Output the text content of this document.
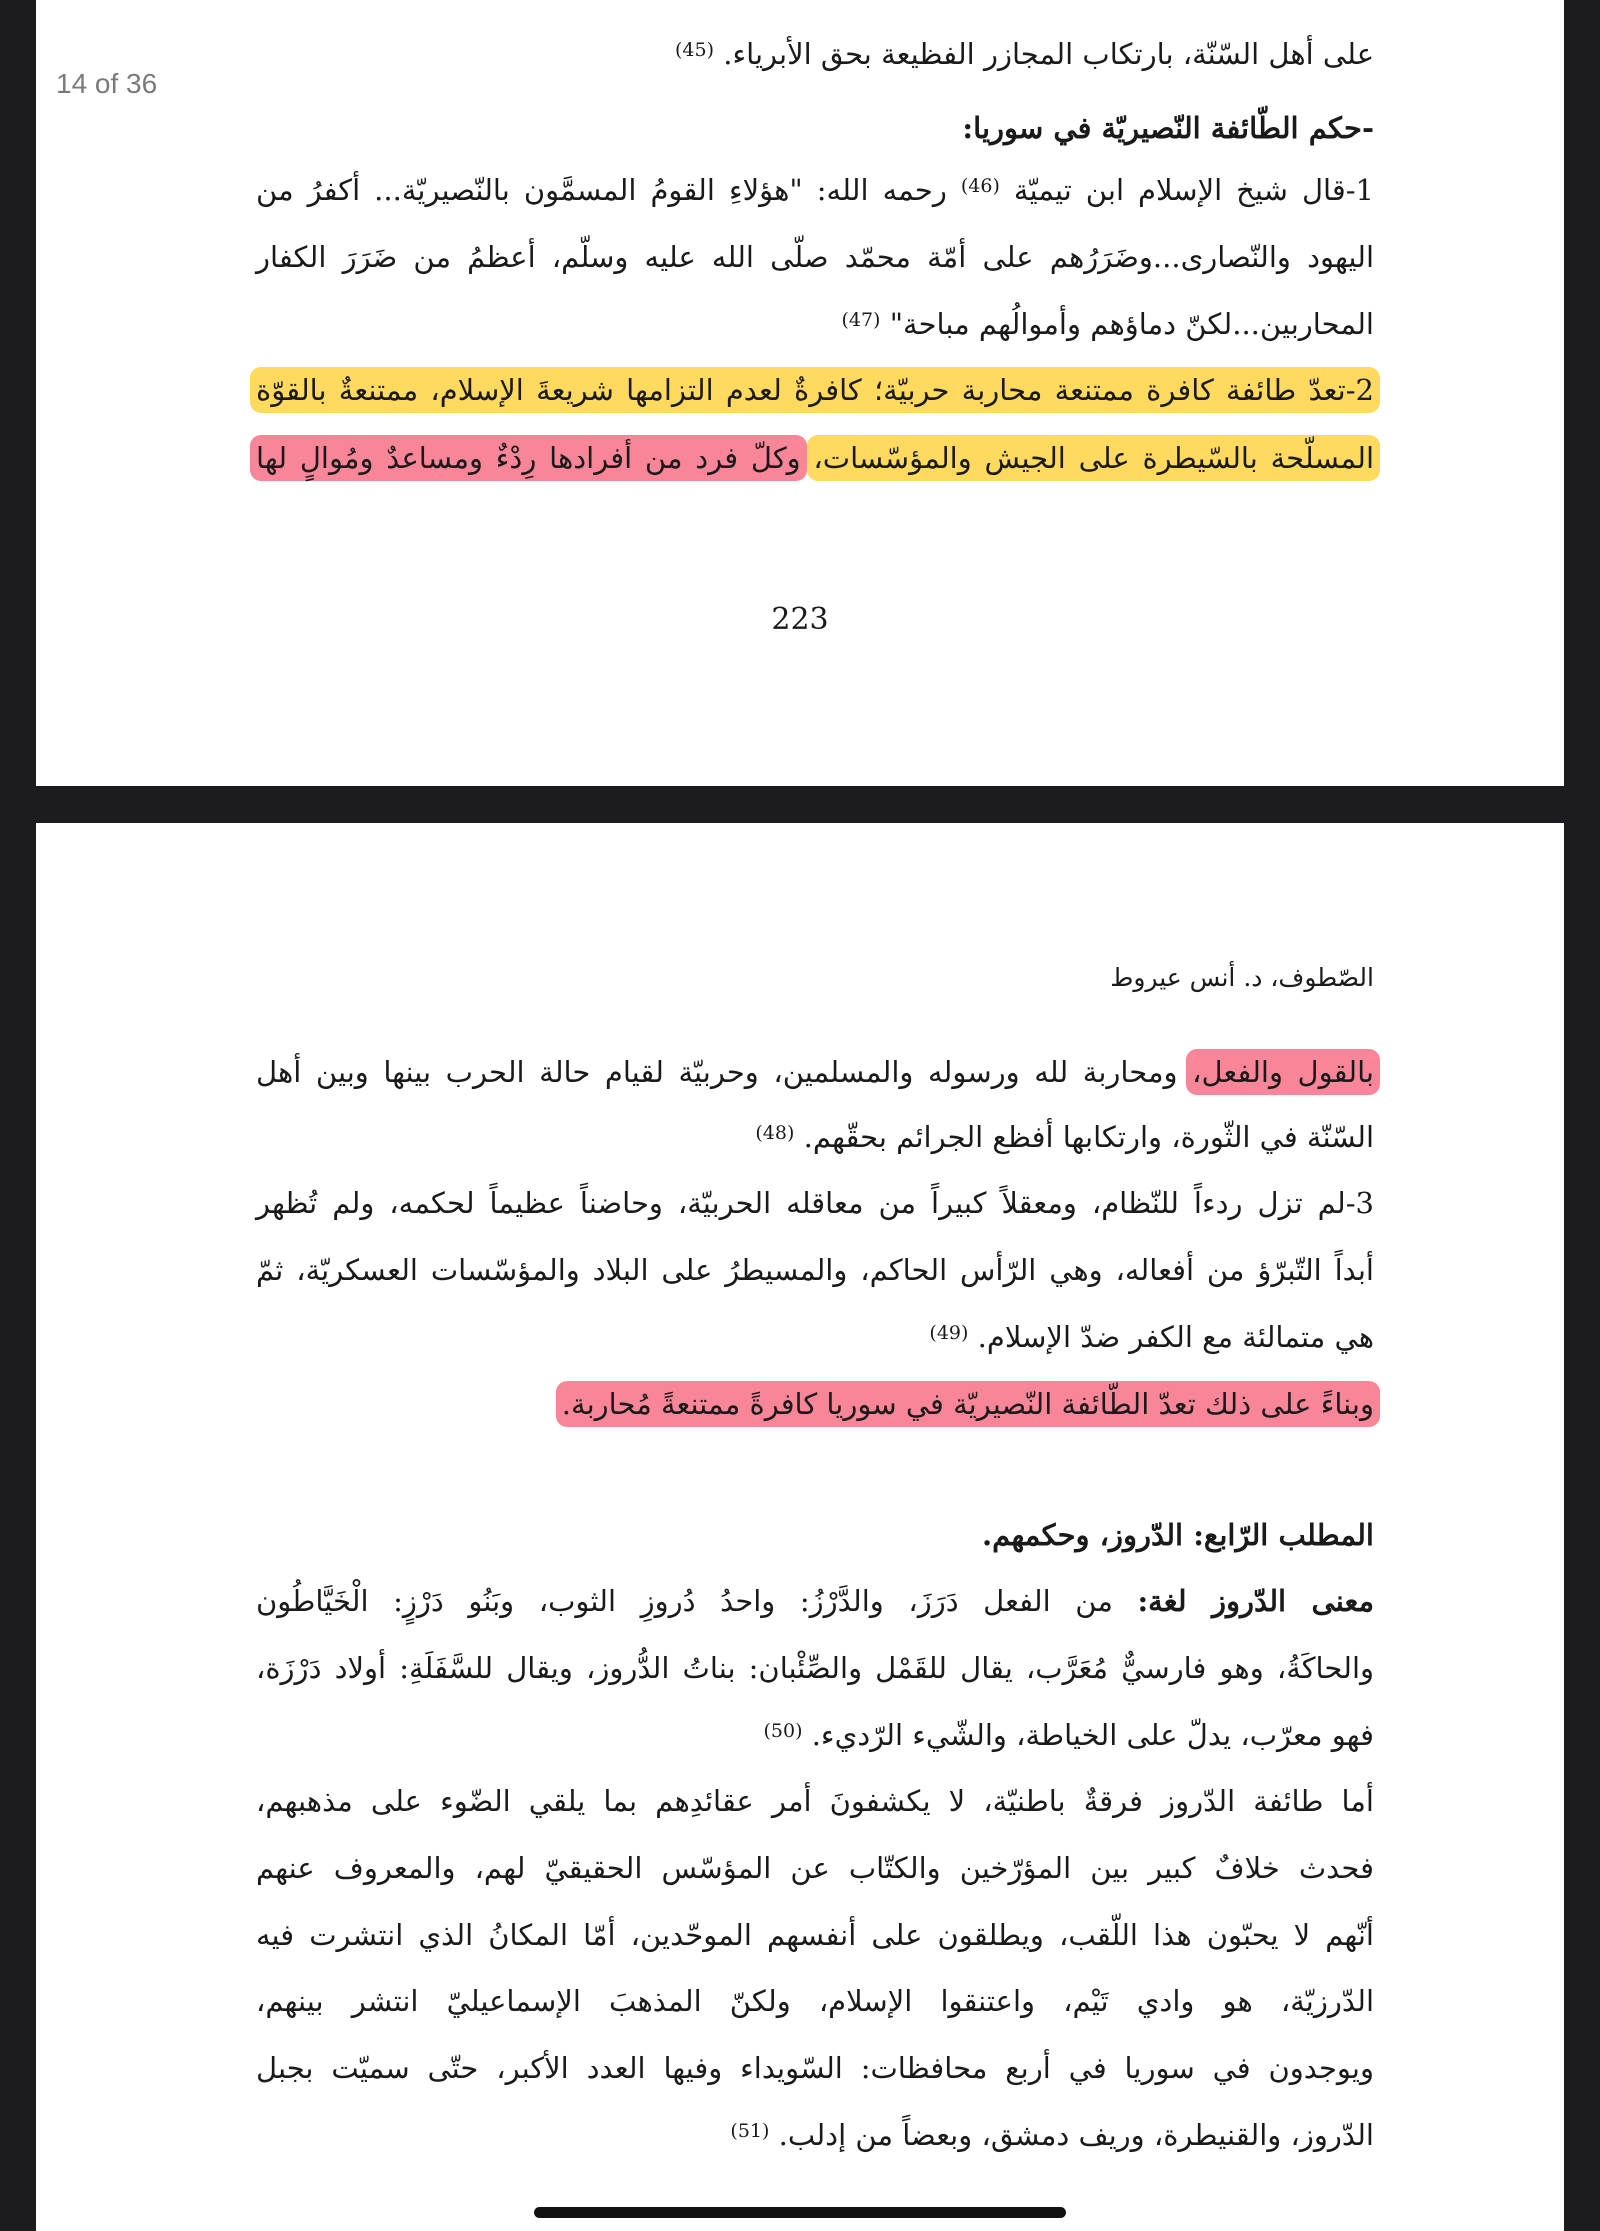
على أهل السّنّة، بارتكاب المجازر الفظيعة بحق الأبرياء. $^{(45)}$
-حكم الطّائفة النّصيريّة في سوريا:
1-قال شيخ الإسلام ابن تيميّة $^{(46)}$ رحمه الله: "هؤلاءِ القومُ المسمَّون بالنّصيريّة... أكفرُ من
اليهود والنّصارى...وضَرَرُهم على أمّة محمّد صلّى الله عليه وسلّم، أعظمُ من ضَرَرَ الكفار
المحاربين...لكنّ دماؤهم وأموالُهم مباحة" $^{(47)}$
2-تعدّ طائفة كافرة ممتنعة محاربة حربيّة؛ كافرةٌ لعدم التزامها شريعةَ الإسلام، ممتنعةٌ بالقوّة
المسلّحة بالسّيطرة على الجيش والمؤسّسات، وكلّ فرد من أفرادها رِدْءٌ ومساعدٌ ومُوالٍ لها
223
14 of 36
الصّطوف، د. أنس عيروط
بالقول والفعل، ومحاربة لله ورسوله والمسلمين، وحربيّة لقيام حالة الحرب بينها وبين أهل
السّنّة في الثّورة، وارتكابها أفظع الجرائم بحقّهم. $^{(48)}$
3-لم تزل ردءاً للنّظام، ومعقلاً كبيراً من معاقله الحربيّة، وحاضناً عظيماً لحكمه، ولم تُظهر
أبداً التّبرّؤ من أفعاله، وهي الرّأس الحاكم، والمسيطرُ على البلاد والمؤسّسات العسكريّة، ثمّ
هي متمالئة مع الكفر ضدّ الإسلام. $^{(49)}$
وبناءً على ذلك تعدّ الطّائفة النّصيريّة في سوريا كافرةً ممتنعةً مُحاربة.
المطلب الرّابع: الدّروز، وحكمهم.
معنى الدّروز لغة: من الفعل دَرَزَ، والدَّرْزُ: واحدُ دُروزِ الثوب، وبَنُو دَرْزٍ: الْخَيَّاطُون
والحاكَةُ، وهو فارسيٌّ مُعَرَّب، يقال للقَمْل والصِّئْبان: بناتُ الدُّروز، ويقال للسَّفَلَةِ: أولاد دَرْزَة،
فهو معرّب، يدلّ على الخياطة، والشّيء الرّديء. $^{(50)}$
أما طائفة الدّروز فرقةٌ باطنيّة، لا يكشفونَ أمر عقائدِهم بما يلقي الضّوء على مذهبهم،
فحدث خلافٌ كبير بين المؤرّخين والكتّاب عن المؤسّس الحقيقيّ لهم، والمعروف عنهم
أنّهم لا يحبّون هذا اللّقب، ويطلقون على أنفسهم الموحّدين، أمّا المكانُ الذي انتشرت فيه
الدّرزيّة، هو وادي تَيْم، واعتنقوا الإسلام، ولكنّ المذهبَ الإسماعيليّ انتشر بينهم،
ويوجدون في سوريا في أربع محافظات: السّويداء وفيها العدد الأكبر، حتّى سميّت بجبل
الدّروز، والقنيطرة، وريف دمشق، وبعضاً من إدلب. $^{(51)}$
